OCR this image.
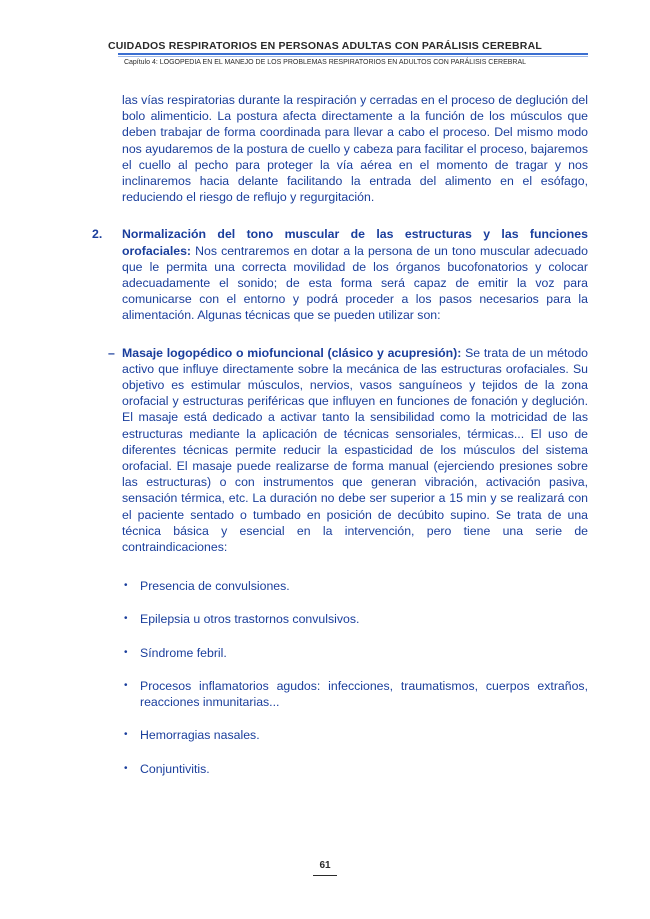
CUIDADOS RESPIRATORIOS EN PERSONAS ADULTAS CON PARÁLISIS CEREBRAL
Capítulo 4: LOGOPEDIA EN EL MANEJO DE LOS PROBLEMAS RESPIRATORIOS EN ADULTOS CON PARÁLISIS CEREBRAL

las vías respiratorias durante la respiración y cerradas en el proceso de deglución del bolo alimenticio. La postura afecta directamente a la función de los músculos que deben trabajar de forma coordinada para llevar a cabo el proceso. Del mismo modo nos ayudaremos de la postura de cuello y cabeza para facilitar el proceso, bajaremos el cuello al pecho para proteger la vía aérea en el momento de tragar y nos inclinaremos hacia delante facilitando la entrada del alimento en el esófago, reduciendo el riesgo de reflujo y regurgitación.

2. Normalización del tono muscular de las estructuras y las funciones orofaciales: Nos centraremos en dotar a la persona de un tono muscular adecuado que le permita una correcta movilidad de los órganos bucofonatorios y colocar adecuadamente el sonido; de esta forma será capaz de emitir la voz para comunicarse con el entorno y podrá proceder a los pasos necesarios para la alimentación. Algunas técnicas que se pueden utilizar son:

– Masaje logopédico o miofuncional (clásico y acupresión): Se trata de un método activo que influye directamente sobre la mecánica de las estructuras orofaciales. Su objetivo es estimular músculos, nervios, vasos sanguíneos y tejidos de la zona orofacial y estructuras periféricas que influyen en funciones de fonación y deglución. El masaje está dedicado a activar tanto la sensibilidad como la motricidad de las estructuras mediante la aplicación de técnicas sensoriales, térmicas... El uso de diferentes técnicas permite reducir la espasticidad de los músculos del sistema orofacial. El masaje puede realizarse de forma manual (ejerciendo presiones sobre las estructuras) o con instrumentos que generan vibración, activación pasiva, sensación térmica, etc. La duración no debe ser superior a 15 min y se realizará con el paciente sentado o tumbado en posición de decúbito supino. Se trata de una técnica básica y esencial en la intervención, pero tiene una serie de contraindicaciones:

• Presencia de convulsiones.
• Epilepsia u otros trastornos convulsivos.
• Síndrome febril.
• Procesos inflamatorios agudos: infecciones, traumatismos, cuerpos extraños, reacciones inmunitarias...
• Hemorragias nasales.
• Conjuntivitis.
61
